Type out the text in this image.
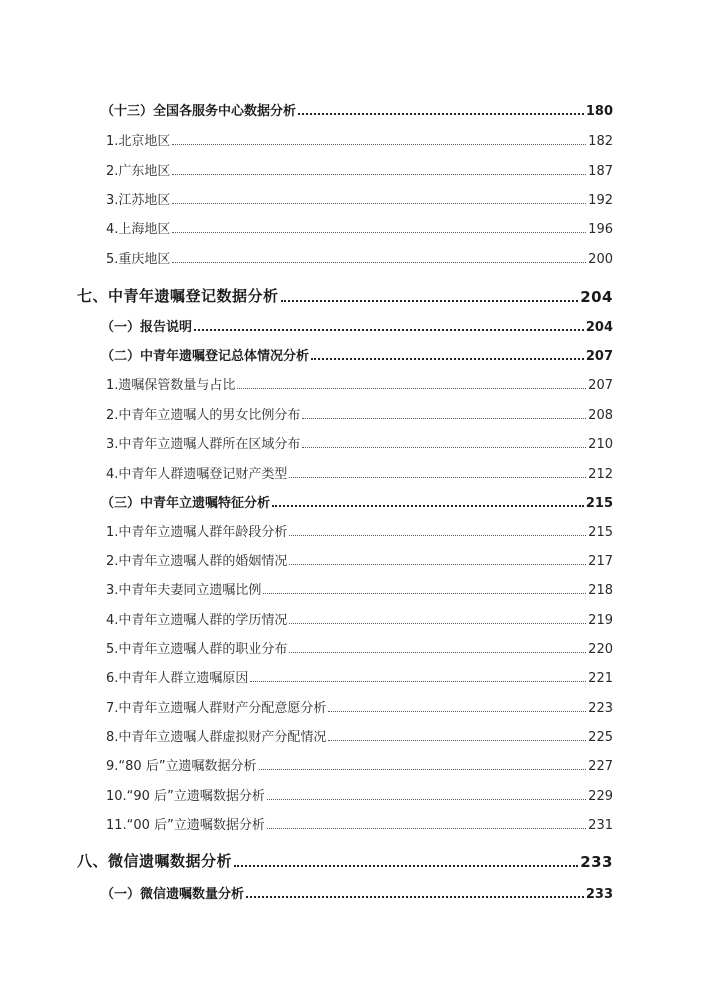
（十三）全国各服务中心数据分析	180
1.北京地区	182
2.广东地区	187
3.江苏地区	192
4.上海地区	196
5.重庆地区	200
七、中青年遗嘱登记数据分析	204
（一）报告说明	204
（二）中青年遗嘱登记总体情况分析	207
1.遗嘱保管数量与占比	207
2.中青年立遗嘱人的男女比例分布	208
3.中青年立遗嘱人群所在区域分布	210
4.中青年人群遗嘱登记财产类型	212
（三）中青年立遗嘱特征分析	215
1.中青年立遗嘱人群年龄段分析	215
2.中青年立遗嘱人群的婚姻情况	217
3.中青年夫妻同立遗嘱比例	218
4.中青年立遗嘱人群的学历情况	219
5.中青年立遗嘱人群的职业分布	220
6.中青年人群立遗嘱原因	221
7.中青年立遗嘱人群财产分配意愿分析	223
8.中青年立遗嘱人群虚拟财产分配情况	225
9.“80 后”立遗嘱数据分析	227
10.“90 后”立遗嘱数据分析	229
11.“00 后”立遗嘱数据分析	231
八、微信遗嘱数据分析	233
（一）微信遗嘱数量分析	233
